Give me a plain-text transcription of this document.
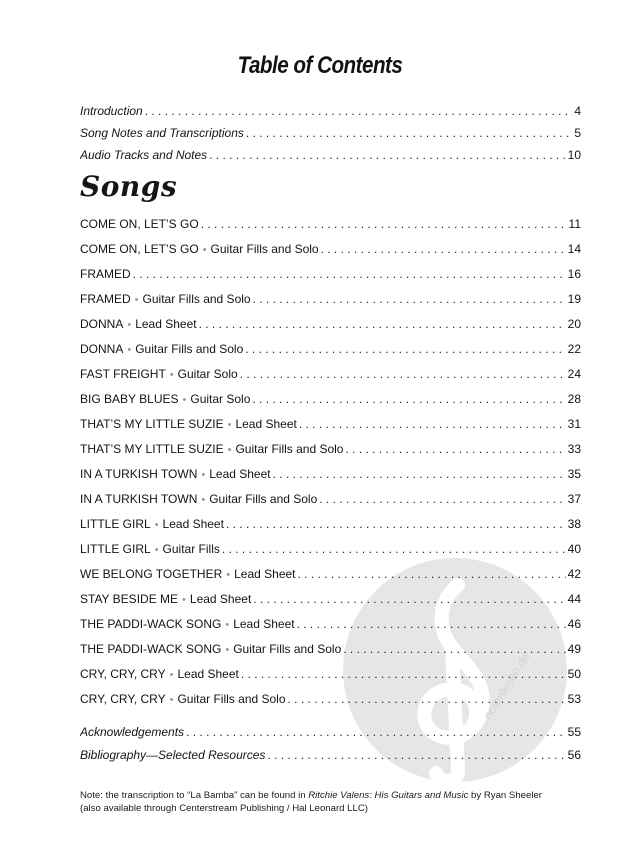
notenlesen.de
Table of Contents
Introduction . . .	4
Song Notes and Transcriptions . . .	5
Audio Tracks and Notes . . .	10
Songs
COME ON, LET’S GO . . .	11
COME ON, LET’S GO • Guitar Fills and Solo . . .	14
FRAMED . . .	16
FRAMED • Guitar Fills and Solo . . .	19
DONNA • Lead Sheet . . .	20
DONNA • Guitar Fills and Solo . . .	22
FAST FREIGHT • Guitar Solo . . .	24
BIG BABY BLUES • Guitar Solo . . .	28
THAT’S MY LITTLE SUZIE • Lead Sheet . . .	31
THAT’S MY LITTLE SUZIE • Guitar Fills and Solo . . .	33
IN A TURKISH TOWN • Lead Sheet . . .	35
IN A TURKISH TOWN • Guitar Fills and Solo . . .	37
LITTLE GIRL • Lead Sheet . . .	38
LITTLE GIRL • Guitar Fills . . .	40
WE BELONG TOGETHER • Lead Sheet . . .	42
STAY BESIDE ME • Lead Sheet . . .	44
THE PADDI-WACK SONG • Lead Sheet . . .	46
THE PADDI-WACK SONG • Guitar Fills and Solo . . .	49
CRY, CRY, CRY • Lead Sheet . . .	50
CRY, CRY, CRY • Guitar Fills and Solo . . .	53
Acknowledgements . . .	55
Bibliography—Selected Resources . . .	56
Note: the transcription to “La Bamba” can be found in Ritchie Valens: His Guitars and Music by Ryan Sheeler
(also available through Centerstream Publishing / Hal Leonard LLC)
